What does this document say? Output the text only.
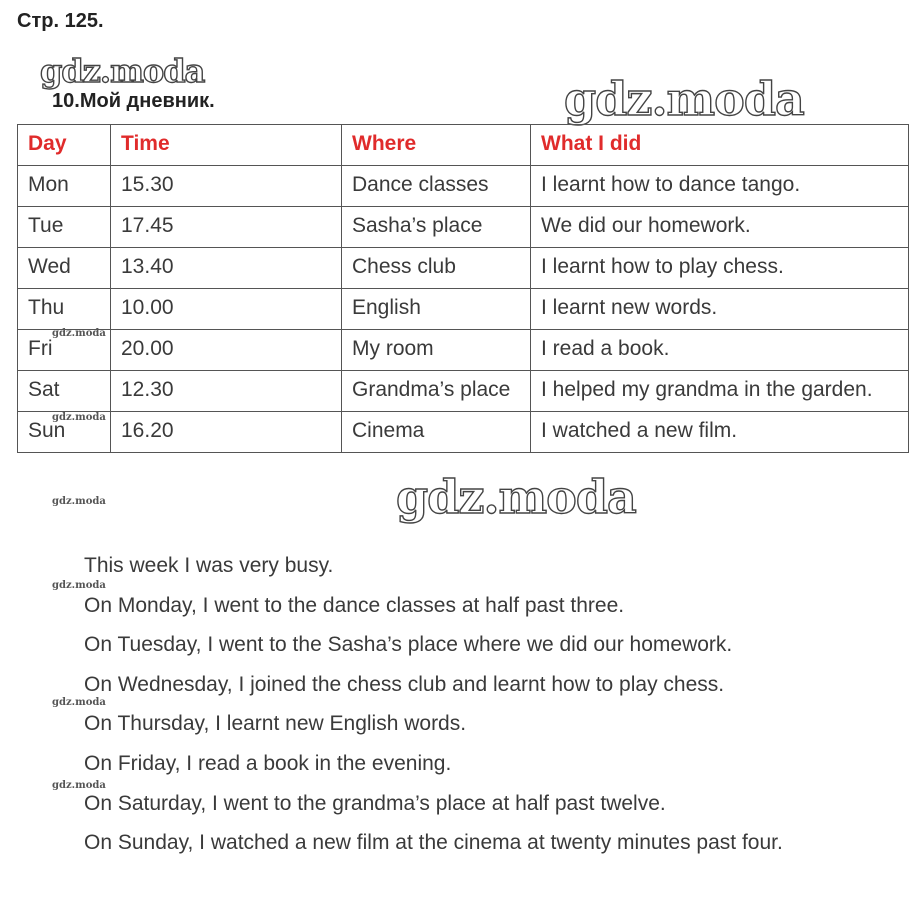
Стр. 125.
gdz.moda
10.Мой дневник.	gdz.moda
Day	Time	Where	What I did
Mon	15.30	Dance classes	I learnt how to dance tango.
Tue	17.45	Sasha’s place	We did our homework.
Wed	13.40	Chess club	I learnt how to play chess.
Thu	10.00	English	I learnt new words.
Fri	20.00	My room	I read a book.
Sat	12.30	Grandma’s place	I helped my grandma in the garden.
Sun	16.20	Cinema	I watched a new film.
gdz.moda
gdz.moda
gdz.moda	gdz.moda
This week I was very busy.
On Monday, I went to the dance classes at half past three.
On Tuesday, I went to the Sasha’s place where we did our homework.
On Wednesday, I joined the chess club and learnt how to play chess.
On Thursday, I learnt new English words.
On Friday, I read a book in the evening.
On Saturday, I went to the grandma’s place at half past twelve.
On Sunday, I watched a new film at the cinema at twenty minutes past four.
gdz.moda
gdz.moda
gdz.moda
